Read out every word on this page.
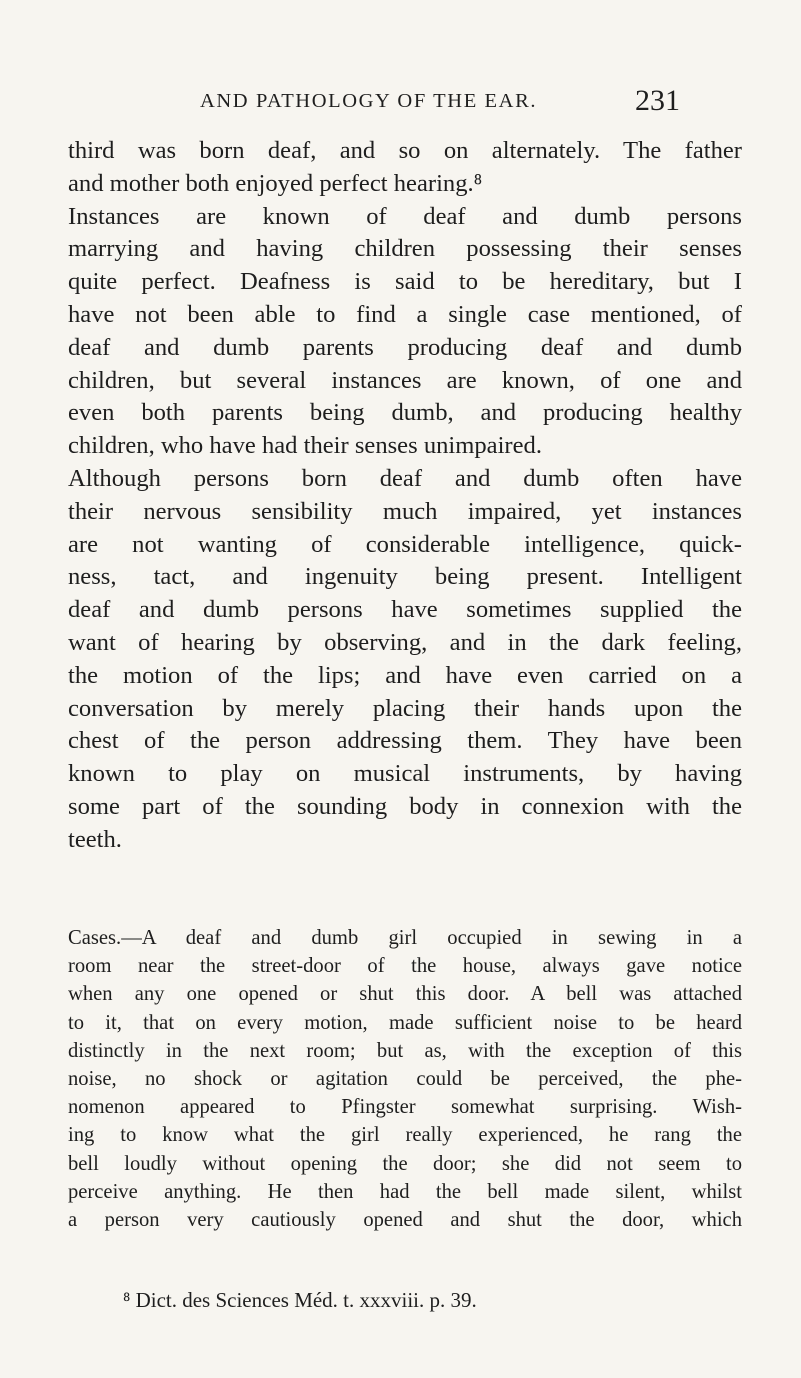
AND PATHOLOGY OF THE EAR.	231
third was born deaf, and so on alternately. The father
and mother both enjoyed perfect hearing.⁸
Instances are known of deaf and dumb persons
marrying and having children possessing their senses
quite perfect. Deafness is said to be hereditary, but I
have not been able to find a single case mentioned, of
deaf and dumb parents producing deaf and dumb
children, but several instances are known, of one and
even both parents being dumb, and producing healthy
children, who have had their senses unimpaired.
Although persons born deaf and dumb often have
their nervous sensibility much impaired, yet instances
are not wanting of considerable intelligence, quick-
ness, tact, and ingenuity being present. Intelligent
deaf and dumb persons have sometimes supplied the
want of hearing by observing, and in the dark feeling,
the motion of the lips; and have even carried on a
conversation by merely placing their hands upon the
chest of the person addressing them. They have been
known to play on musical instruments, by having
some part of the sounding body in connexion with the
teeth.
Cases.—A deaf and dumb girl occupied in sewing in a
room near the street-door of the house, always gave notice
when any one opened or shut this door. A bell was attached
to it, that on every motion, made sufficient noise to be heard
distinctly in the next room; but as, with the exception of this
noise, no shock or agitation could be perceived, the phe-
nomenon appeared to Pfingster somewhat surprising. Wish-
ing to know what the girl really experienced, he rang the
bell loudly without opening the door; she did not seem to
perceive anything. He then had the bell made silent, whilst
a person very cautiously opened and shut the door, which
⁸ Dict. des Sciences Méd. t. xxxviii. p. 39.
